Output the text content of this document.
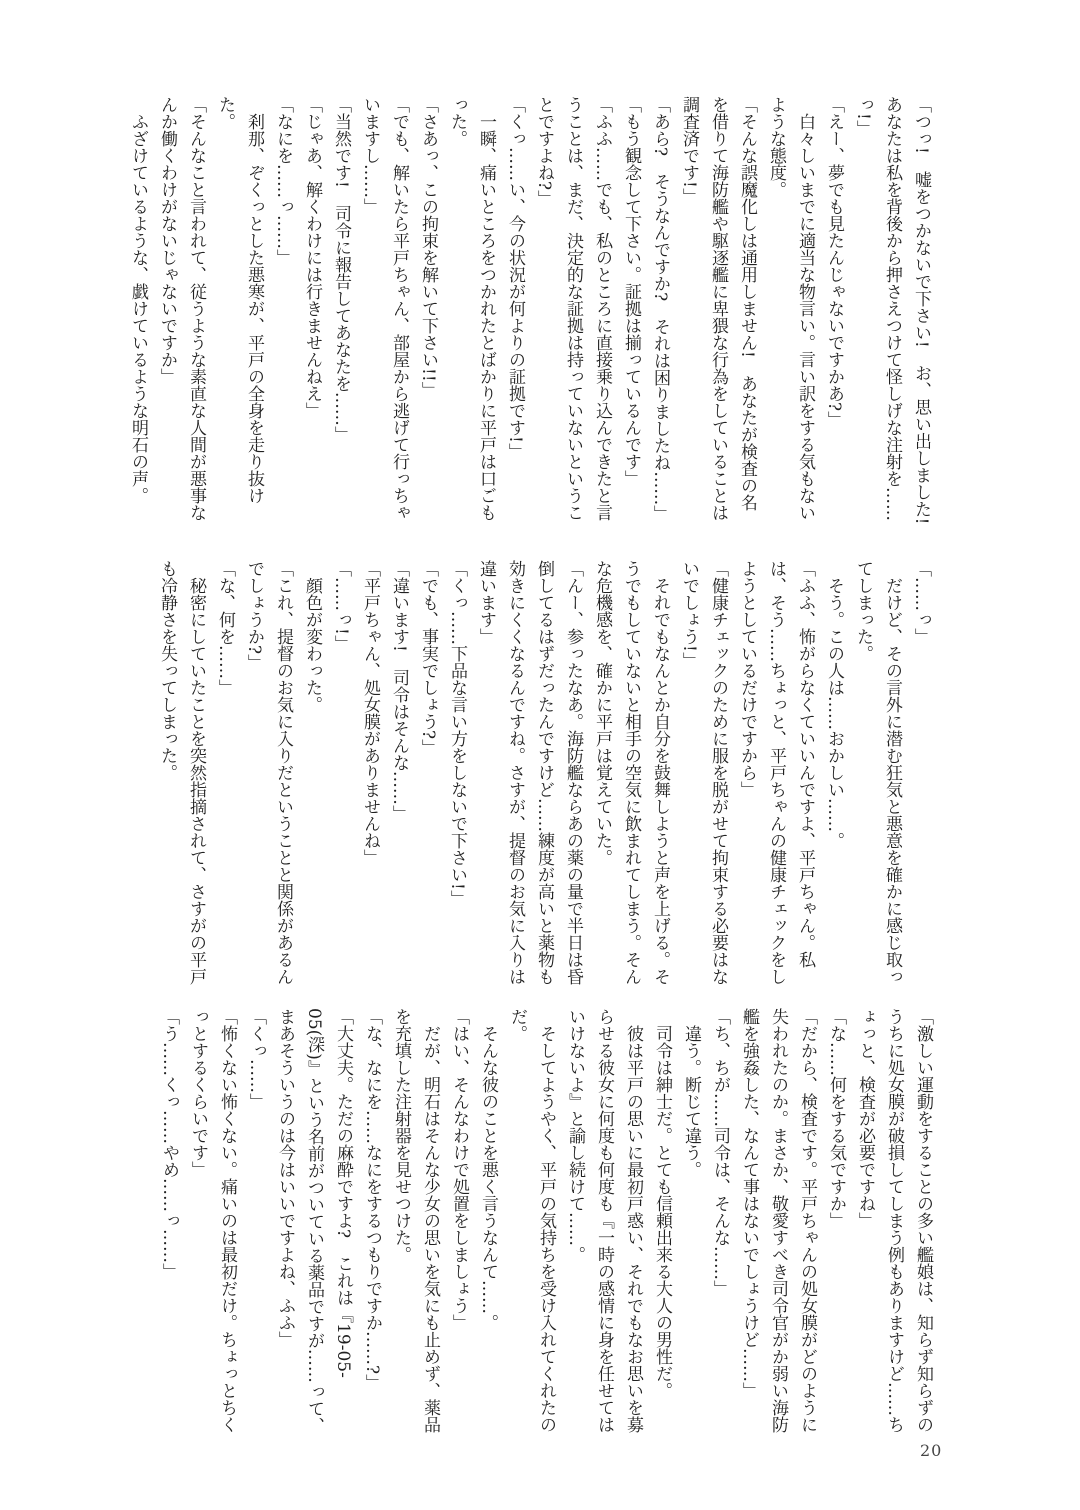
「つっ!　嘘をつかないで下さい!　お、思い出しました!　あなたは私を背後から押さえつけて怪しげな注射を……っ!」

「えー、夢でも見たんじゃないですかあ?」

　白々しいまでに適当な物言い。言い訳をする気もないような態度。

「そんな誤魔化しは通用しません!　あなたが検査の名を借りて海防艦や駆逐艦に卑猥な行為をしていることは調査済です!」

「あら?　そうなんですか?　それは困りましたね……」

「もう観念して下さい。証拠は揃っているんです」

「ふふ……でも、私のところに直接乗り込んできたと言うことは、まだ、決定的な証拠は持っていないということですよね?」

「くっ……い、今の状況が何よりの証拠です!」

　一瞬、痛いところをつかれたとばかりに平戸は口ごもった。

「さあっ、この拘束を解いて下さい!!」

「でも、解いたら平戸ちゃん、部屋から逃げて行っちゃいますし……」

「当然です!　司令に報告してあなたを……」

「じゃあ、解くわけには行きませんねえ」

「なにを……っ……」

　刹那、ぞくっとした悪寒が、平戸の全身を走り抜けた。

「そんなこと言われて、従うような素直な人間が悪事なんか働くわけがないじゃないですか」

　ふざけているような、戯けているような明石の声。

「……っ」

　だけど、その言外に潜む狂気と悪意を確かに感じ取ってしまった。

　そう。この人は……おかしい……。

「ふふ、怖がらなくていいんですよ、平戸ちゃん。私は、そう……ちょっと、平戸ちゃんの健康チェックをしようとしているだけですから」

「健康チェックのために服を脱がせて拘束する必要はないでしょう!」

　それでもなんとか自分を鼓舞しようと声を上げる。そうでもしていないと相手の空気に飲まれてしまう。そんな危機感を、確かに平戸は覚えていた。

「んー、参ったなあ。海防艦ならあの薬の量で半日は昏倒してるはずだったんですけど……練度が高いと薬物も効きにくくなるんですね。さすが、提督のお気に入りは違います」

「くっ……下品な言い方をしないで下さい!」

「でも、事実でしょう?」

「違います!　司令はそんな……」

「平戸ちゃん、処女膜がありませんね」

「……っ!」

　顔色が変わった。

「これ、提督のお気に入りだということと関係があるんでしょうか?」

「な、何を……」

　秘密にしていたことを突然指摘されて、さすがの平戸も冷静さを失ってしまった。

「激しい運動をすることの多い艦娘は、知らず知らずのうちに処女膜が破損してしまう例もありますけど……ちょっと、検査が必要ですね」

「な……何をする気ですか」

「だから、検査です。平戸ちゃんの処女膜がどのように失われたのか。まさか、敬愛すべき司令官がか弱い海防艦を強姦した、なんて事はないでしょうけど……」

「ち、ちが……司令は、そんな……」

　違う。断じて違う。

　司令は紳士だ。とても信頼出来る大人の男性だ。

　彼は平戸の思いに最初戸惑い、それでもなお思いを募らせる彼女に何度も何度も『一時の感情に身を任せてはいけないよ』と諭し続けて……。

　そしてようやく、平戸の気持ちを受け入れてくれたのだ。

　そんな彼のことを悪く言うなんて……。

「はい、そんなわけで処置をしましょう」

　だが、明石はそんな少女の思いを気にも止めず、薬品を充填した注射器を見せつけた。

「な、なにを……なにをするつもりですか……?」

「大丈夫。ただの麻酔ですよ?　これは『19-05-05(深)』という名前がついている薬品ですが……って、まあそういうのは今はいいですよね、ふふ」

「くっ……」

「怖くない怖くない。痛いのは最初だけ。ちょっとちくっとするくらいです」

「う……くっ……やめ……っ……」

20
